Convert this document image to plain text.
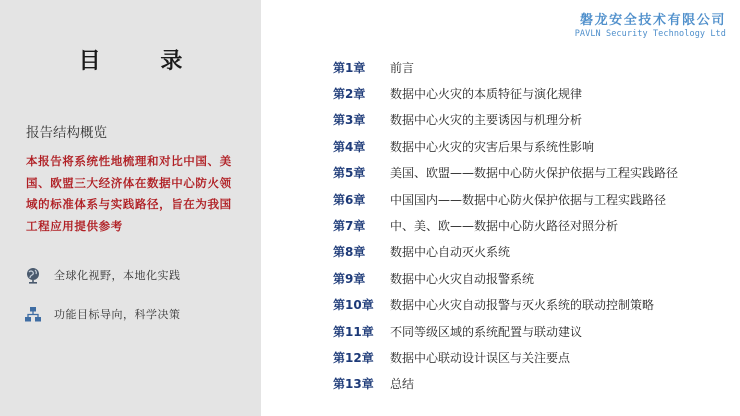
目 录
报告结构概览
本报告将系统性地梳理和对比中国、美国、欧盟三大经济体在数据中心防火领域的标准体系与实践路径，旨在为我国工程应用提供参考
全球化视野，本地化实践
功能目标导向，科学决策
磐龙安全技术有限公司
PAVLN Security Technology Ltd
第1章	前言
第2章	数据中心火灾的本质特征与演化规律
第3章	数据中心火灾的主要诱因与机理分析
第4章	数据中心火灾的灾害后果与系统性影响
第5章	美国、欧盟——数据中心防火保护依据与工程实践路径
第6章	中国国内——数据中心防火保护依据与工程实践路径
第7章	中、美、欧——数据中心防火路径对照分析
第8章	数据中心自动灭火系统
第9章	数据中心火灾自动报警系统
第10章	数据中心火灾自动报警与灭火系统的联动控制策略
第11章	不同等级区域的系统配置与联动建议
第12章	数据中心联动设计误区与关注要点
第13章	总结
